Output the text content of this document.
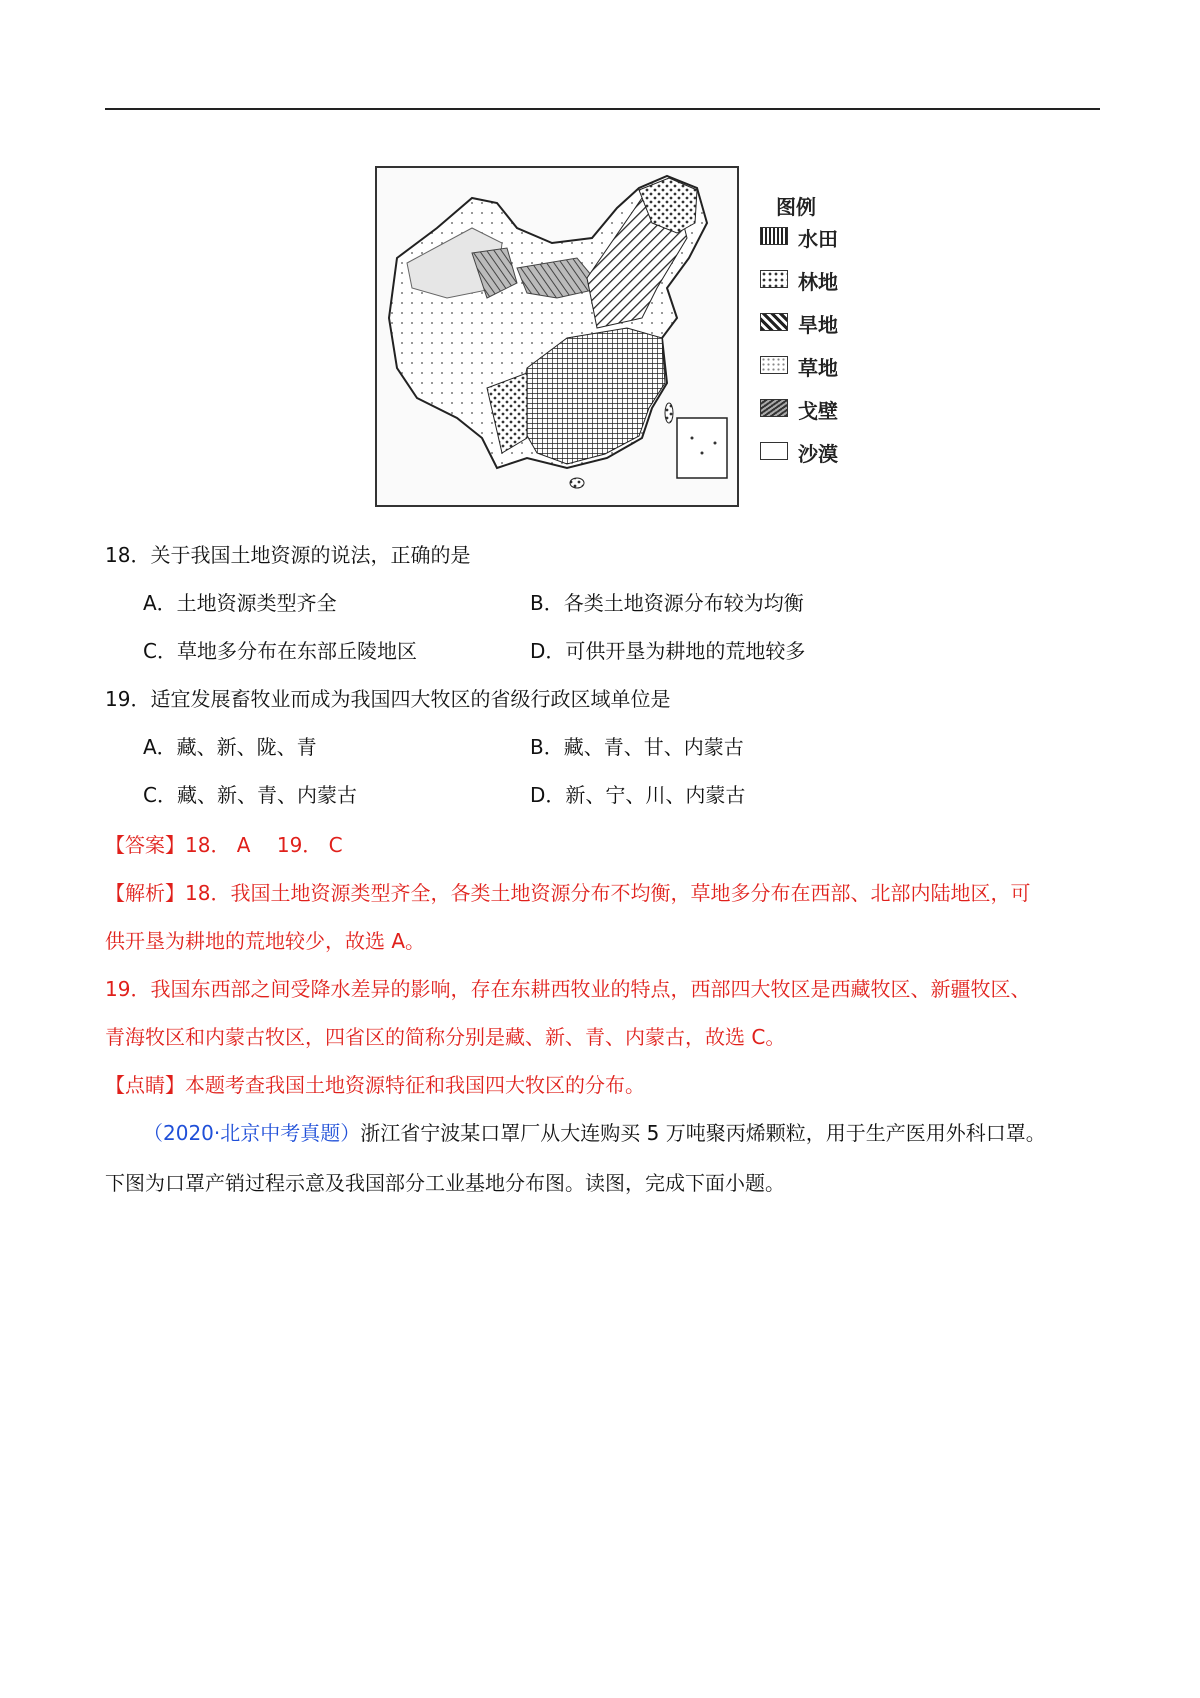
图例
水田
林地
旱地
草地
戈壁
沙漠
18．关于我国土地资源的说法，正确的是
A．土地资源类型齐全	B．各类土地资源分布较为均衡
C．草地多分布在东部丘陵地区	D．可供开垦为耕地的荒地较多
19．适宜发展畜牧业而成为我国四大牧区的省级行政区域单位是
A．藏、新、陇、青	B．藏、青、甘、内蒙古
C．藏、新、青、内蒙古	D．新、宁、川、内蒙古
【答案】18． A　 19． C
【解析】18．我国土地资源类型齐全，各类土地资源分布不均衡，草地多分布在西部、北部内陆地区，可
供开垦为耕地的荒地较少，故选 A。
19．我国东西部之间受降水差异的影响，存在东耕西牧业的特点，西部四大牧区是西藏牧区、新疆牧区、
青海牧区和内蒙古牧区，四省区的简称分别是藏、新、青、内蒙古，故选 C。
【点睛】本题考查我国土地资源特征和我国四大牧区的分布。
（2020·北京中考真题）浙江省宁波某口罩厂从大连购买 5 万吨聚丙烯颗粒，用于生产医用外科口罩。
下图为口罩产销过程示意及我国部分工业基地分布图。读图，完成下面小题。
